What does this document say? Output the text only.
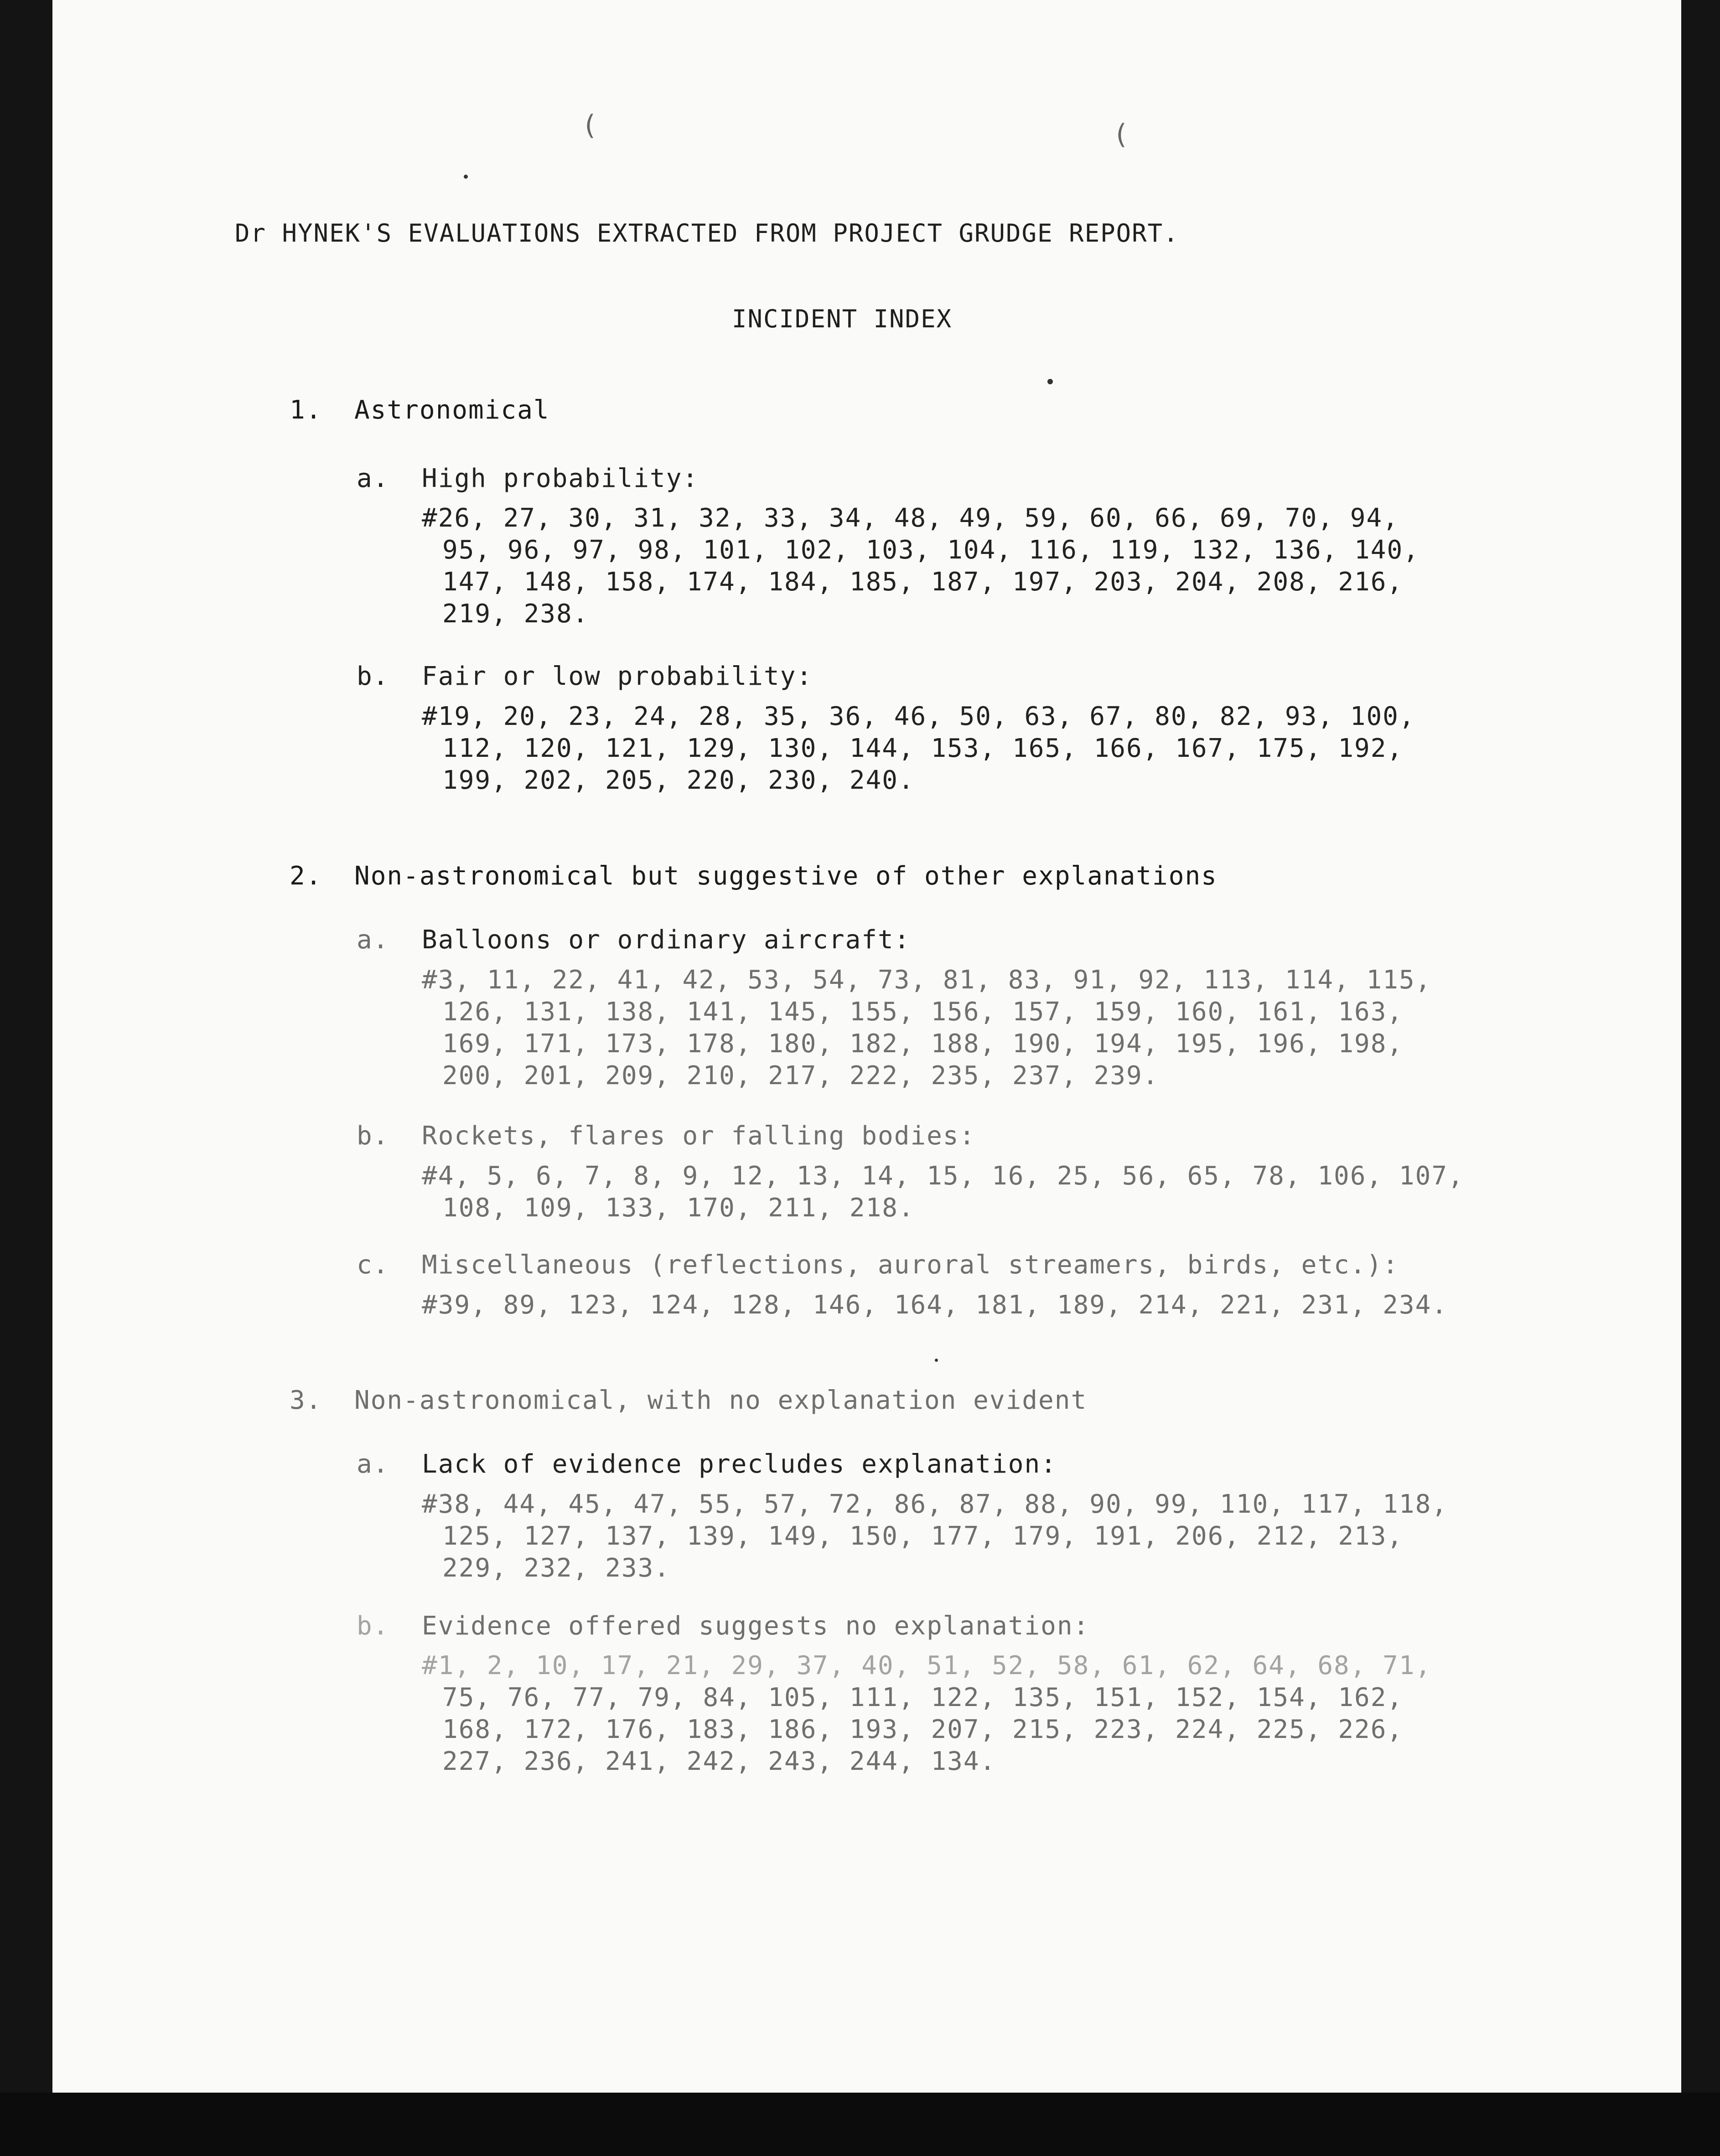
(	(
Dr HYNEK'S EVALUATIONS EXTRACTED FROM PROJECT GRUDGE REPORT.
INCIDENT INDEX
1. Astronomical
a. High probability:
#26, 27, 30, 31, 32, 33, 34, 48, 49, 59, 60, 66, 69, 70, 94,
95, 96, 97, 98, 101, 102, 103, 104, 116, 119, 132, 136, 140,
147, 148, 158, 174, 184, 185, 187, 197, 203, 204, 208, 216,
219, 238.
b. Fair or low probability:
#19, 20, 23, 24, 28, 35, 36, 46, 50, 63, 67, 80, 82, 93, 100,
112, 120, 121, 129, 130, 144, 153, 165, 166, 167, 175, 192,
199, 202, 205, 220, 230, 240.
2. Non-astronomical but suggestive of other explanations
a. Balloons or ordinary aircraft:
#3, 11, 22, 41, 42, 53, 54, 73, 81, 83, 91, 92, 113, 114, 115,
126, 131, 138, 141, 145, 155, 156, 157, 159, 160, 161, 163,
169, 171, 173, 178, 180, 182, 188, 190, 194, 195, 196, 198,
200, 201, 209, 210, 217, 222, 235, 237, 239.
b. Rockets, flares or falling bodies:
#4, 5, 6, 7, 8, 9, 12, 13, 14, 15, 16, 25, 56, 65, 78, 106, 107,
108, 109, 133, 170, 211, 218.
c. Miscellaneous (reflections, auroral streamers, birds, etc.):
#39, 89, 123, 124, 128, 146, 164, 181, 189, 214, 221, 231, 234.
3. Non-astronomical, with no explanation evident
a. Lack of evidence precludes explanation:
#38, 44, 45, 47, 55, 57, 72, 86, 87, 88, 90, 99, 110, 117, 118,
125, 127, 137, 139, 149, 150, 177, 179, 191, 206, 212, 213,
229, 232, 233.
b. Evidence offered suggests no explanation:
#1, 2, 10, 17, 21, 29, 37, 40, 51, 52, 58, 61, 62, 64, 68, 71,
75, 76, 77, 79, 84, 105, 111, 122, 135, 151, 152, 154, 162,
168, 172, 176, 183, 186, 193, 207, 215, 223, 224, 225, 226,
227, 236, 241, 242, 243, 244, 134.
